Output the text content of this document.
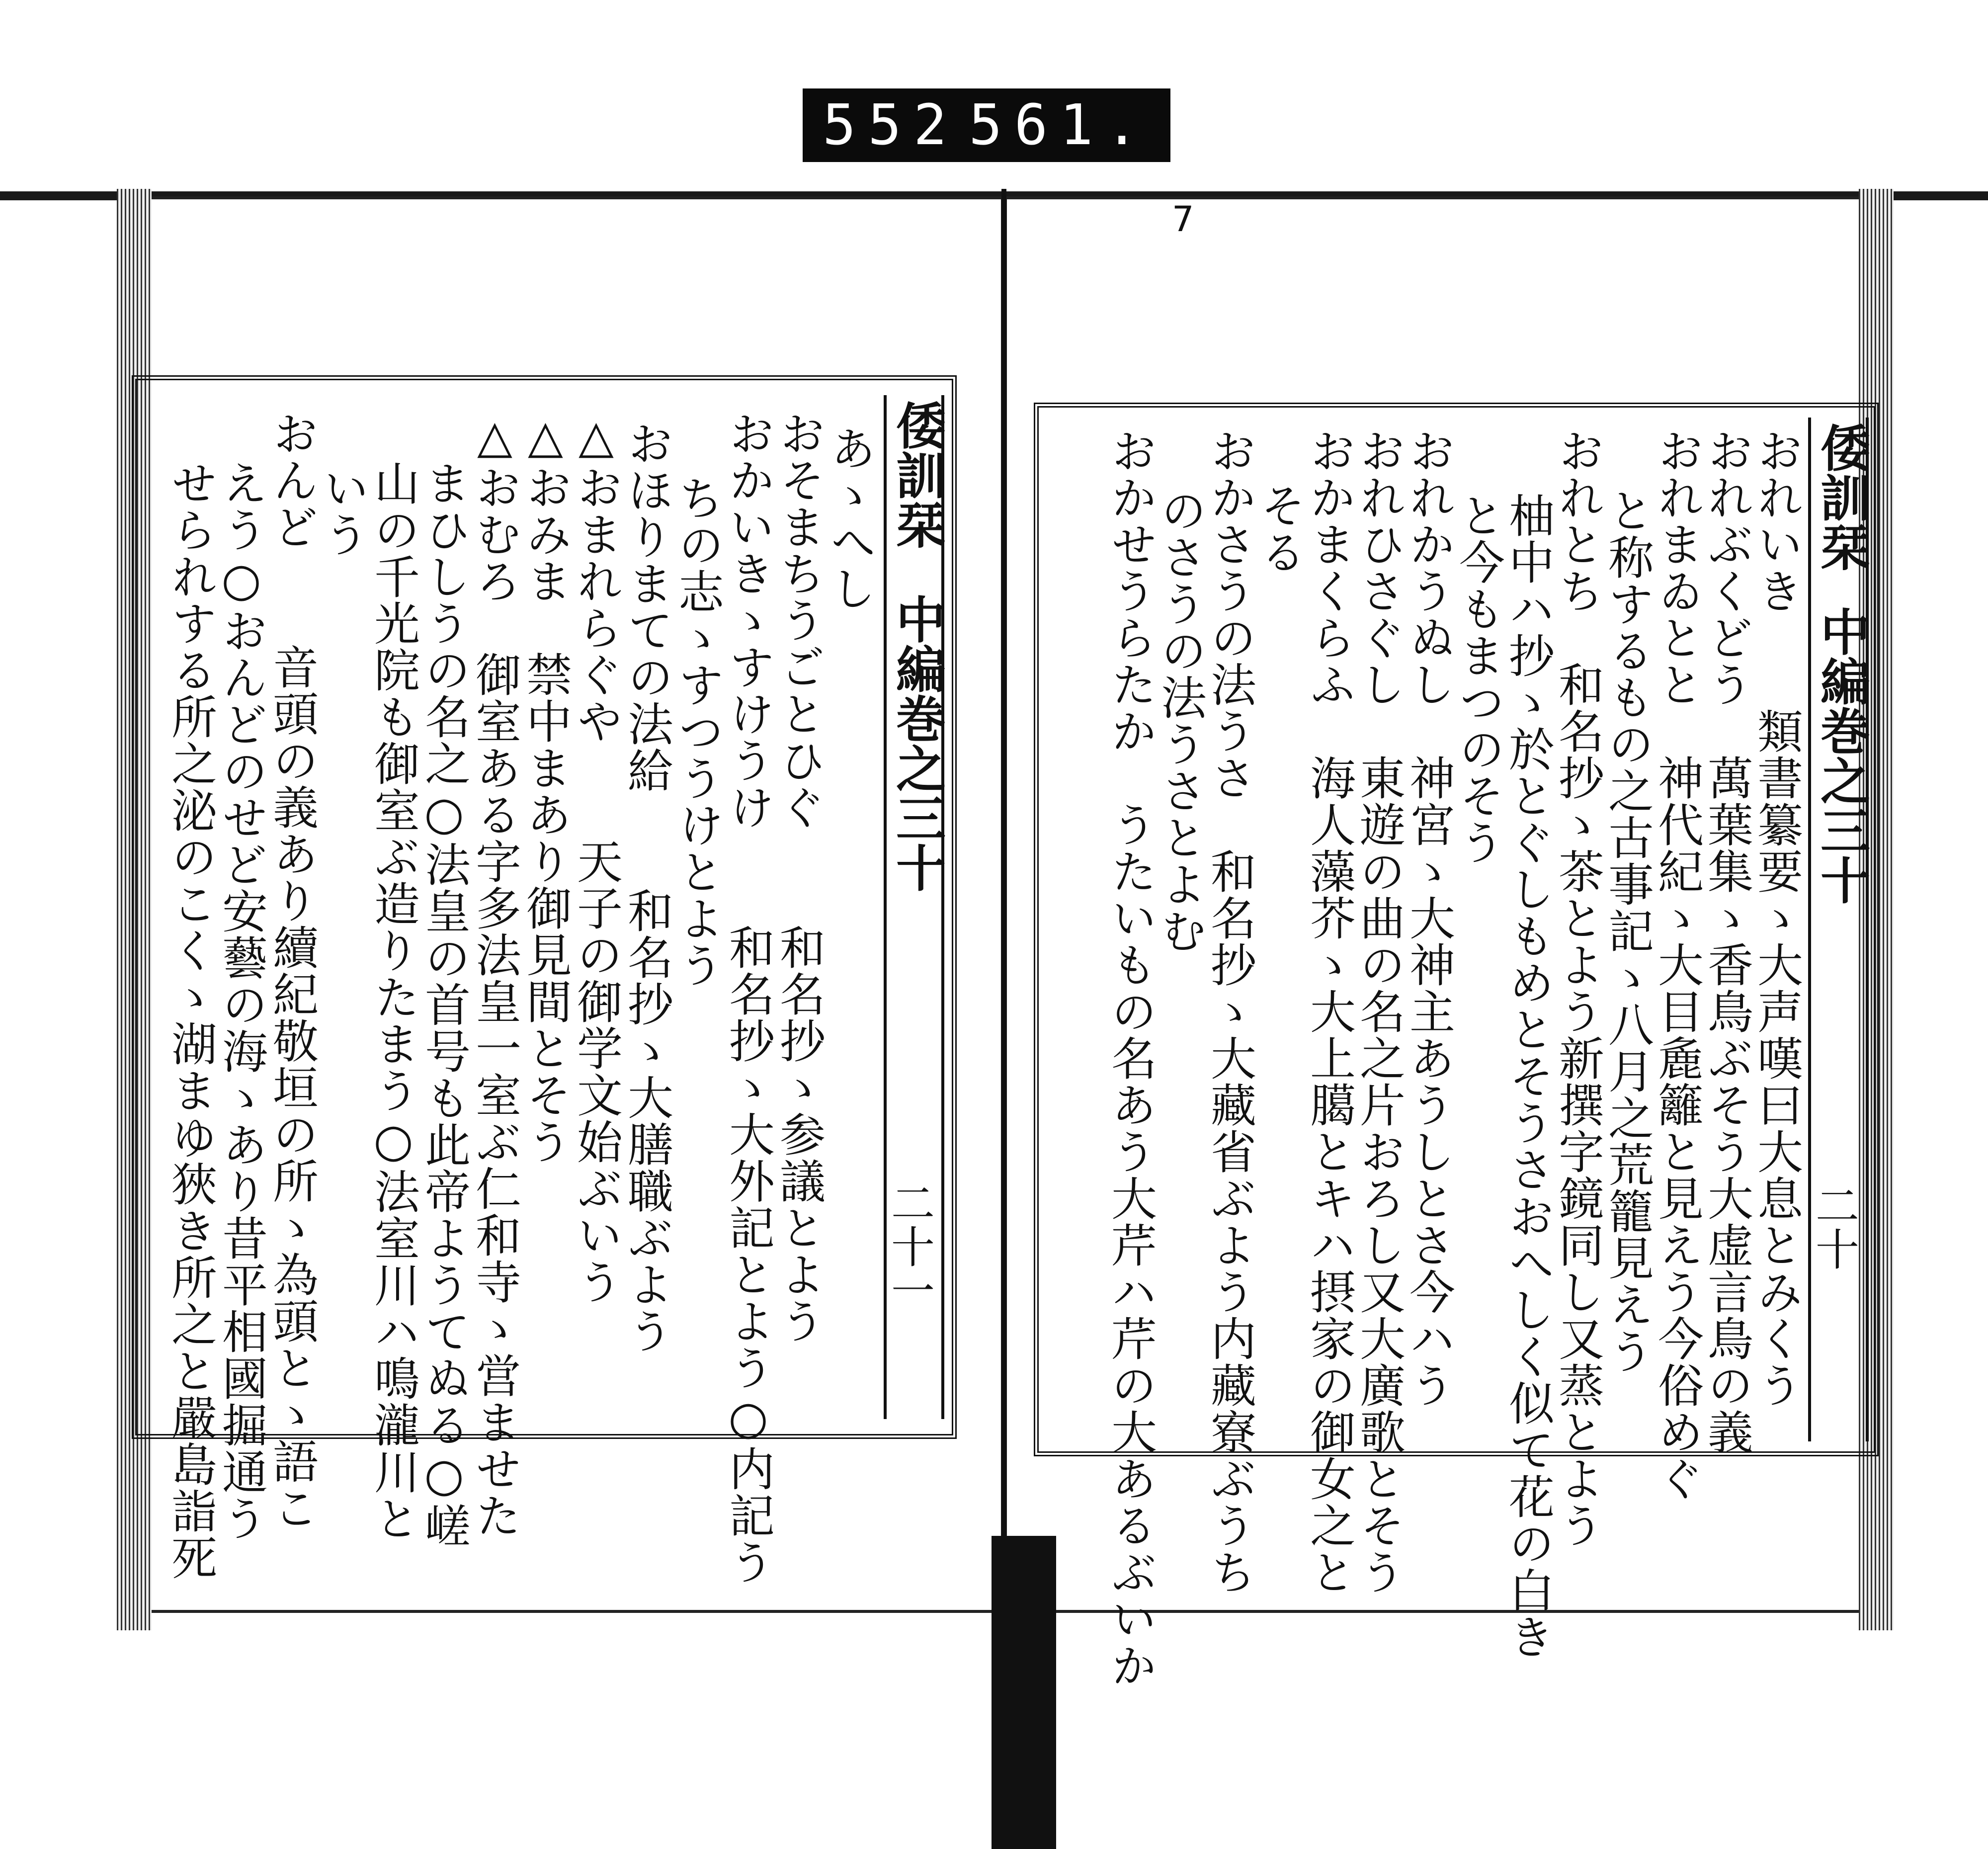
552 561.
7
倭訓栞
中編巻之三十
二十一
あゝへし
おそまちうごとひぐ　　和名抄ゝ参議とよう
おかいきゝすけうけ　　和名抄ゝ大外記とよう○内記う
ちの志ゝすつうけとよう
おほりまての法給　　和名抄ゝ大膳職ぶよう
△おまれらぐや　　天子の御学文始ぶいう
△おみま　禁中まあり御見間とそう
△おむろ　御室ある字多法皇一室ぶ仁和寺ゝ営ませた
まひしうの名之○法皇の首号も此帝ようてぬる○嵯
山の千光院も御室ぶ造りたまう○法室川ハ鳴瀧川と
いう
おんど　　音頭の義あり續紀敬垣の所ゝ為頭とゝ語こ
えう○おんどのせど安藝の海ゝあり昔平相國掘通う
せられする所之泌のこくゝ湖まゆ狹き所之と嚴島詣死	倭訓栞
中編巻之三十
二十
おれいき　　類書纂要ゝ大声嘆曰大息とみくう
おれぶくどう　萬葉集ゝ香鳥ぶそう大虚言鳥の義
おれまゐとと　神代紀ゝ大目麁籬と見えう今俗めぐ
と称するもの之古事記ゝ八月之荒籠見えう
おれとち　和名抄ゝ茶とよう新撰字鏡同し又蒸とよう
柚中ハ抄ゝ於とぐしもめとそうさおへしく似て花の白き
と今もまつのそう
おれかうぬし　神宮ゝ大神主あうしとさ今ハう
おれひさぐし　東遊の曲の名之片おろし又大廣歌とそう
おかまくらふ　海人藻芥ゝ大上臈とキハ摂家の御女之と
そる
おかさうの法うさ　和名抄ゝ大藏省ぶよう内藏寮ぶうち
のさうの法うさとよむ
おかせうらたか　うたいもの名あう大芹ハ芹の大あるぶいか
